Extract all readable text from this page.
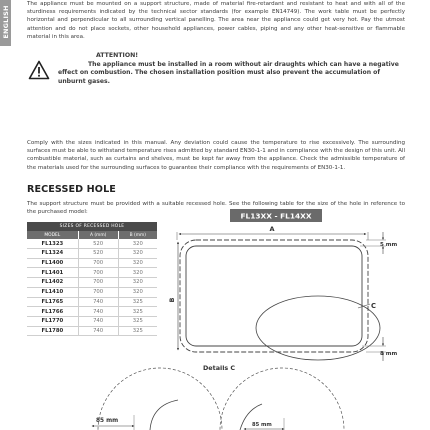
ENGLISH

The appliance must be mounted on a support structure, made of material fire-retardant and resistant to heat and with all of the sturdiness requirements indicated by the technical sector standards (for example EN14749). The work table must be perfectly horizontal and perpendicular to all surrounding vertical panelling. The area near the appliance could get very hot. Pay the utmost attention and do not place sockets, other household appliances, power cables, piping and any other heat-sensitive or flammable material in this area.

ATTENTION!

The appliance must be installed in a room without air draughts which can have a negative
effect on combustion. The chosen installation position must also prevent the accumulation of
unburnt gases.

Comply with the sizes indicated in this manual. Any deviation could cause the temperature to rise excessively. The surrounding surfaces must be able to withstand temperature rises admitted by standard EN30-1-1 and in compliance with the design of this unit. All combustible material, such as curtains and shelves, must be kept far away from the appliance. Check the admissible temperature of the materials used for the surrounding surfaces to guarantee their compliance with the requirements of EN30-1-1.

RECESSED HOLE

The support structure must be provided with a suitable recessed hole. See the following table for the size of the hole in reference to the purchased model:

SIZES OF RECESSED HOLE		
MODEL	A (mm)	B (mm)
FL1323	520	320
FL1324	520	320
FL1400	700	320
FL1401	700	320
FL1402	700	320
FL1410	700	320
FL1765	740	325
FL1766	740	325
FL1770	740	325
FL1780	740	325
FL13XX - FL14XX
A
B
5 mm
C
8 mm
Details C
85 mm
85 mm
